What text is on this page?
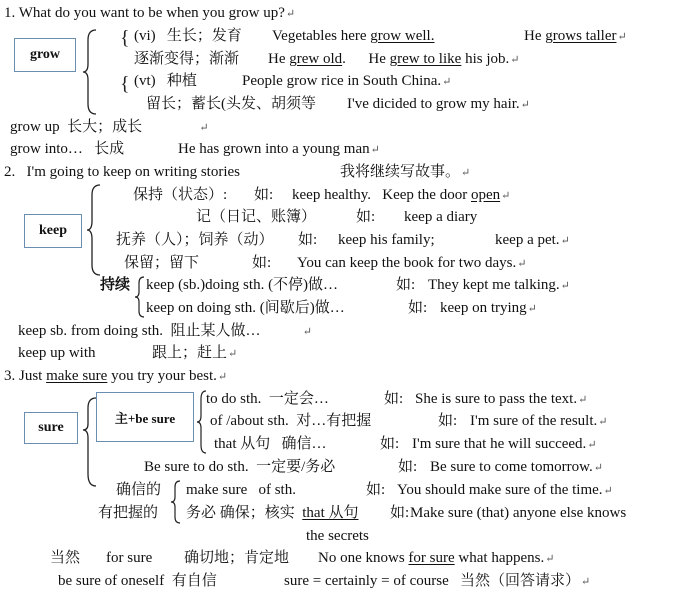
1. What do you want to be when you grow up?↵
grow
{ (vi)   生长；发育 Vegetables here grow well.	He grows taller↵
逐渐变得；渐渐 He grew old. He grew to like his job.↵
{ (vt)   种植	People grow rice in South China.↵
留长；蓄长(头发、胡须等 I've dicided to grow my hair.↵
grow up  长大；成长	↵
grow into…   长成	He has grown into a young man↵
2.   I'm going to keep on writing stories	我将继续写故事。↵
keep
保持（状态）: 如: keep healthy.   Keep the door open↵
记（日记、账簿）	如: keep a diary
抚养（人）；饲养（动） 如: keep his family;	keep a pet.↵
保留；留下	如: You can keep the book for two days.↵
持续 keep (sb.)doing sth. (不停)做…	如: They kept me talking.↵
keep on doing sth. (间歇后)做…	如: keep on trying↵
keep sb. from doing sth.  阻止某人做…	↵
keep up with	跟上；赶上↵
3. Just make sure you try your best.↵
sure
主+be sure
to do sth.  一定会…	如: She is sure to pass the text.↵
of /about sth.  对…有把握	如: I'm sure of the result.↵
that 从句   确信…	如: I'm sure that he will succeed.↵
Be sure to do sth.  一定要/务必	如: Be sure to come tomorrow.↵
确信的
有把握的
make sure   of sth.	如: You should make sure of the time.↵
务必 确保；核实 that 从句 如: Make sure (that) anyone else knows
the secrets
当然 for sure 确切地；肯定地 No one knows for sure what happens.↵
be sure of oneself  有自信	sure = certainly = of course   当然（回答请求）↵
